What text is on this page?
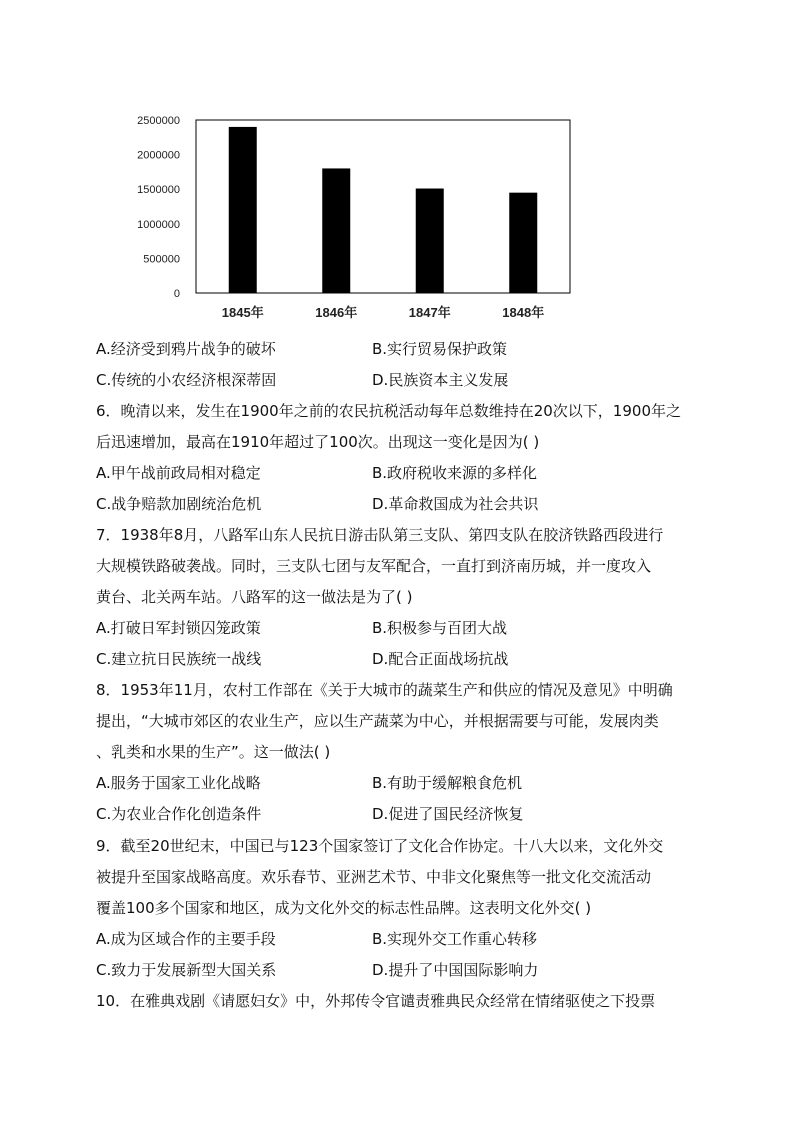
0
500000
1000000
1500000
2000000
2500000
1845年	1846年	1847年	1848年
A.经济受到鸦片战争的破坏	B.实行贸易保护政策
C.传统的小农经济根深蒂固	D.民族资本主义发展
6．晚清以来，发生在1900年之前的农民抗税活动每年总数维持在20次以下，1900年之
后迅速增加，最高在1910年超过了100次。出现这一变化是因为( )
A.甲午战前政局相对稳定	B.政府税收来源的多样化
C.战争赔款加剧统治危机	D.革命救国成为社会共识
7．1938年8月，八路军山东人民抗日游击队第三支队、第四支队在胶济铁路西段进行
大规模铁路破袭战。同时，三支队七团与友军配合，一直打到济南历城，并一度攻入
黄台、北关两车站。八路军的这一做法是为了( )
A.打破日军封锁囚笼政策	B.积极参与百团大战
C.建立抗日民族统一战线	D.配合正面战场抗战
8．1953年11月，农村工作部在《关于大城市的蔬菜生产和供应的情况及意见》中明确
提出，“大城市郊区的农业生产，应以生产蔬菜为中心，并根据需要与可能，发展肉类
、乳类和水果的生产”。这一做法( )
A.服务于国家工业化战略	B.有助于缓解粮食危机
C.为农业合作化创造条件	D.促进了国民经济恢复
9．截至20世纪末，中国已与123个国家签订了文化合作协定。十八大以来，文化外交
被提升至国家战略高度。欢乐春节、亚洲艺术节、中非文化聚焦等一批文化交流活动
覆盖100多个国家和地区，成为文化外交的标志性品牌。这表明文化外交( )
A.成为区域合作的主要手段	B.实现外交工作重心转移
C.致力于发展新型大国关系	D.提升了中国国际影响力
10．在雅典戏剧《请愿妇女》中，外邦传令官谴责雅典民众经常在情绪驱使之下投票
